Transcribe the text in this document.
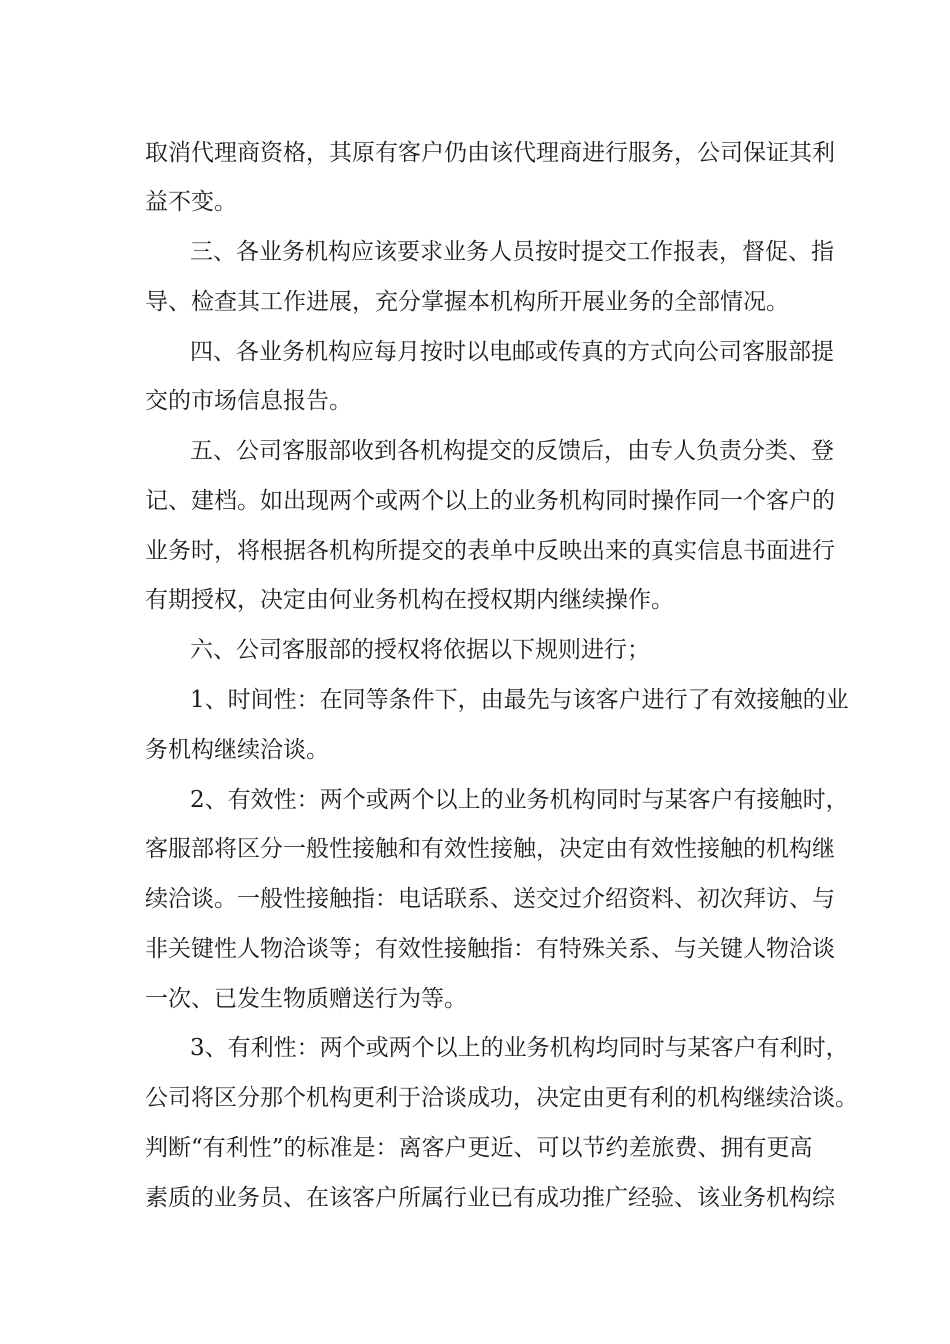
取消代理商资格，其原有客户仍由该代理商进行服务，公司保证其利
益不变。
三、各业务机构应该要求业务人员按时提交工作报表，督促、指
导、检查其工作进展，充分掌握本机构所开展业务的全部情况。
四、各业务机构应每月按时以电邮或传真的方式向公司客服部提
交的市场信息报告。
五、公司客服部收到各机构提交的反馈后，由专人负责分类、登
记、建档。如出现两个或两个以上的业务机构同时操作同一个客户的
业务时，将根据各机构所提交的表单中反映出来的真实信息书面进行
有期授权，决定由何业务机构在授权期内继续操作。
六、公司客服部的授权将依据以下规则进行；
1、时间性：在同等条件下，由最先与该客户进行了有效接触的业
务机构继续洽谈。
2、有效性：两个或两个以上的业务机构同时与某客户有接触时，
客服部将区分一般性接触和有效性接触，决定由有效性接触的机构继
续洽谈。一般性接触指：电话联系、送交过介绍资料、初次拜访、与
非关键性人物洽谈等；有效性接触指：有特殊关系、与关键人物洽谈
一次、已发生物质赠送行为等。
3、有利性：两个或两个以上的业务机构均同时与某客户有利时，
公司将区分那个机构更利于洽谈成功，决定由更有利的机构继续洽谈。
判断“有利性”的标准是：离客户更近、可以节约差旅费、拥有更高
素质的业务员、在该客户所属行业已有成功推广经验、该业务机构综
